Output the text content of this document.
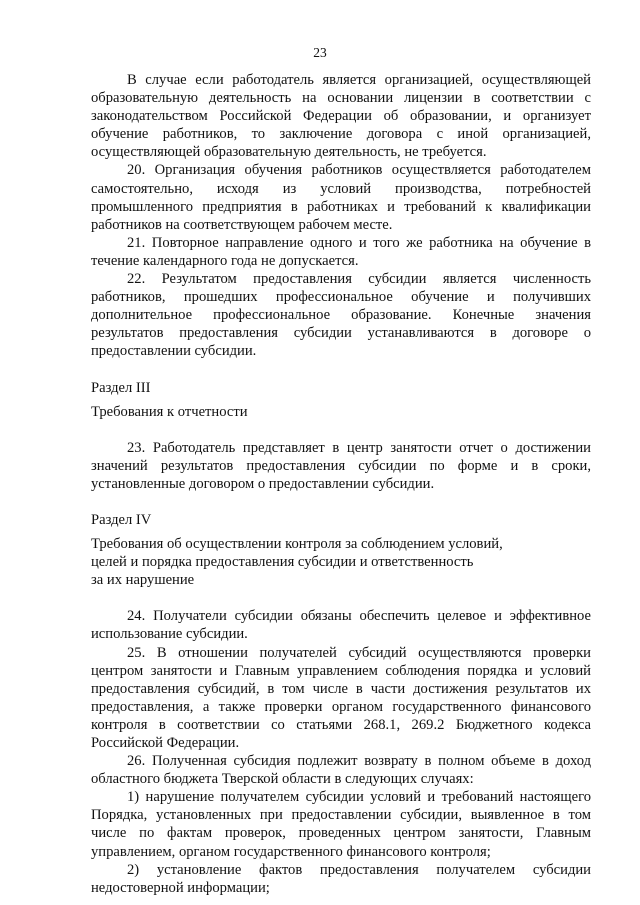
23

В случае если работодатель является организацией, осуществляющей образовательную деятельность на основании лицензии в соответствии с законодательством Российской Федерации об образовании, и организует обучение работников, то заключение договора с иной организацией, осуществляющей образовательную деятельность, не требуется.

20. Организация обучения работников осуществляется работодателем самостоятельно, исходя из условий производства, потребностей промышленного предприятия в работниках и требований к квалификации работников на соответствующем рабочем месте.

21. Повторное направление одного и того же работника на обучение в течение календарного года не допускается.

22. Результатом предоставления субсидии является численность работников, прошедших профессиональное обучение и получивших дополнительное профессиональное образование. Конечные значения результатов предоставления субсидии устанавливаются в договоре о предоставлении субсидии.

Раздел III

Требования к отчетности

23. Работодатель представляет в центр занятости отчет о достижении значений результатов предоставления субсидии по форме и в сроки, установленные договором о предоставлении субсидии.

Раздел IV

Требования об осуществлении контроля за соблюдением условий,

целей и порядка предоставления субсидии и ответственность

за их нарушение

24. Получатели субсидии обязаны обеспечить целевое и эффективное использование субсидии.

25. В отношении получателей субсидий осуществляются проверки центром занятости и Главным управлением соблюдения порядка и условий предоставления субсидий, в том числе в части достижения результатов их предоставления, а также проверки органом государственного финансового контроля в соответствии со статьями 268.1, 269.2 Бюджетного кодекса Российской Федерации.

26. Полученная субсидия подлежит возврату в полном объеме в доход областного бюджета Тверской области в следующих случаях:

1) нарушение получателем субсидии условий и требований настоящего Порядка, установленных при предоставлении субсидии, выявленное в том числе по фактам проверок, проведенных центром занятости, Главным управлением, органом государственного финансового контроля;

2) установление фактов предоставления получателем субсидии недостоверной информации;
